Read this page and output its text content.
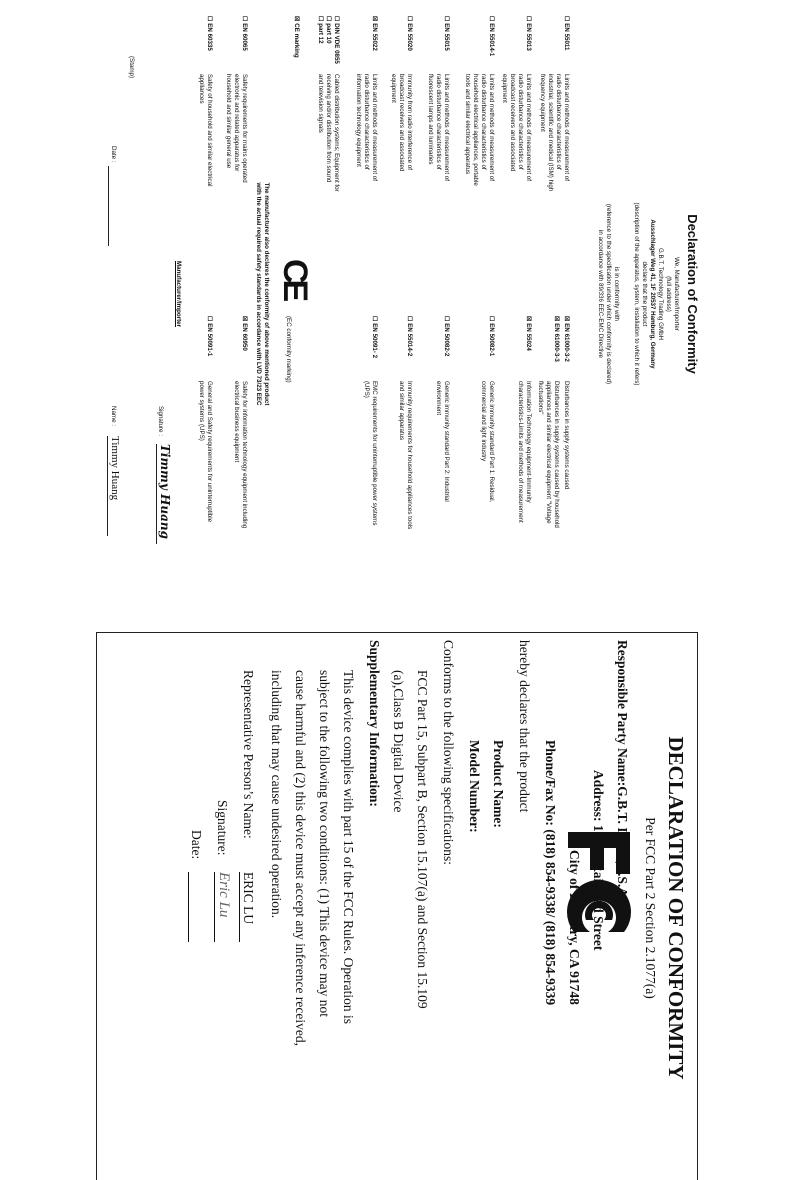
Declaration of Conformity
We, Manufacturer/Importer
(full address)
G.B.T. Technology Trading GMbH
Ausschlager Weg 41, 1F 20537 Hamburg, Germany
declare that the product
(description of the apparatus, system, installation to which it refers)
is in conformity with
(reference to the specification under which conformity is declared)
in accordance with 89/336 EEC-EMC Directive
☐ EN 55011
Limits and methods of measurement of radio disturbance characteristics of industrial, scientific and medical (ISM) high frequency equipment
☐ EN 55013
Limits and methods of measurement of radio disturbance characteristics of broadcast receivers and associated equipment
☐ EN 55014-1
Limits and methods of measurement of radio disturbance characteristics of household electrical appliances, portable tools and similar electrical apparatus
☐ EN 55015
Limits and methods of measurement of radio disturbance characteristics of fluorescent lamps and luminaries
☐ EN 55020
Immunity from radio interference of broadcast receivers and associated equipment
☒ EN 55022
Limits and methods of measurement of radio disturbance characteristics of information technology equipment
☐ DIN VDE 0855
☐ part 10
☐ part 12
Cabled distribution systems; Equipment for receiving and/or distribution from sound and television signals
☒ EN 61000-3-2
Disturbances in supply systems caused
☒ EN 61000-3-3
Disturbances in supply systems caused by household appliances and similar electrical equipment "Voltage fluctuations"
☒ EN 55024
Information Technology equipment-Immunity characteristics-Limits and methods of measurement
☐ EN 50082-1
Generic immunity standard Part 1: Residual, commercial and light industry
☐ EN 50082-2
Generic immunity standard Part 2: Industrial environment
☐ EN 55014-2
Immunity requirements for household appliances tools and similar apparatus
☐ EN 50091- 2
EMC requirements for uninterruptible power systems (UPS)
☒ CE marking
CE
(EC conformity marking)
The manufacturer also declares the conformity of above mentioned product
with the actual required safety standards in accordance with LVD 73/23 EEC
☐ EN 60065
Safety requirements for mains operated electronic and related apparatus for household and similar general use
☐ EN 60335
Safety of household and similar electrical appliances
☒ EN 60950
Safety for information technology equipment including electrical business equipment
☐ EN 50091-1
General and Safety requirements for uninterruptible power systems (UPS)
Manufacturer/Importer
Signature :
Timmy Huang
(Stamp)
Date :
Name :
Timmy Huang
DECLARATION OF CONFORMITY
Per FCC Part 2 Section 2.1077(a)
Responsible Party Name:G.B.T. INC. (U.S.A.)
Address: 17358 Railroad Street
City of Industry, CA 91748
Phone/Fax No: (818) 854-9338/ (818) 854-9339
hereby declares that the product
Product Name:
Model Number:
Conforms to the following specifications:
FCC Part 15, Subpart B, Section 15.107(a) and Section 15.109
(a),Class B Digital Device
Supplementary Information:
This device complies with part 15 of the FCC Rules. Operation is
subject to the following two conditions: (1) This device may not
cause harmful and (2) this device must accept any inference received,
including that may cause undesired operation.
Representative Person’s Name:
ERIC LU
Signature:
Eric Lu
Date:
